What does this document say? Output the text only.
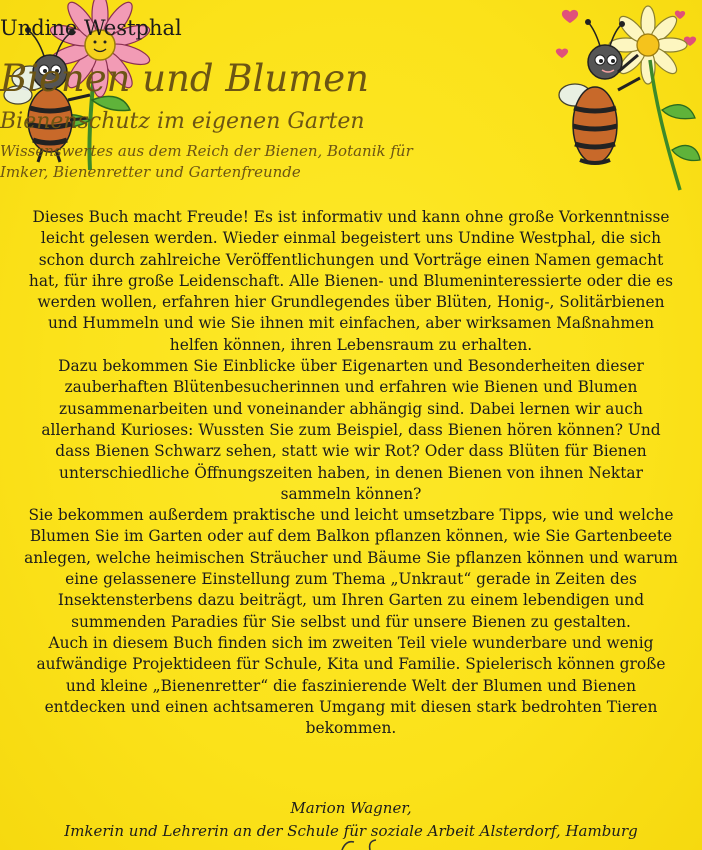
Undine Westphal
Bienen und Blumen
Bienenschutz im eigenen Garten
Wissenswertes aus dem Reich der Bienen, Botanik für
Imker, Bienenretter und Gartenfreunde

Dieses Buch macht Freude! Es ist informativ und kann ohne große Vorkenntnisse

leicht gelesen werden. Wieder einmal begeistert uns Undine Westphal, die sich

schon durch zahlreiche Veröffentlichungen und Vorträge einen Namen gemacht

hat, für ihre große Leidenschaft. Alle Bienen- und Blumeninteressierte oder die es

werden wollen, erfahren hier Grundlegendes über Blüten, Honig-, Solitärbienen

und Hummeln und wie Sie ihnen mit einfachen, aber wirksamen Maßnahmen

helfen können, ihren Lebensraum zu erhalten.

Dazu bekommen Sie Einblicke über Eigenarten und Besonderheiten dieser

zauberhaften Blütenbesucherinnen und erfahren wie Bienen und Blumen

zusammenarbeiten und voneinander abhängig sind. Dabei lernen wir auch

allerhand Kurioses: Wussten Sie zum Beispiel, dass Bienen hören können? Und

dass Bienen Schwarz sehen, statt wie wir Rot? Oder dass Blüten für Bienen

unterschiedliche Öffnungszeiten haben, in denen Bienen von ihnen Nektar

sammeln können?

Sie bekommen außerdem praktische und leicht umsetzbare Tipps, wie und welche

Blumen Sie im Garten oder auf dem Balkon pflanzen können, wie Sie Gartenbeete

anlegen, welche heimischen Sträucher und Bäume Sie pflanzen können und warum

eine gelassenere Einstellung zum Thema „Unkraut“ gerade in Zeiten des

Insektensterbens dazu beiträgt, um Ihren Garten zu einem lebendigen und

summenden Paradies für Sie selbst und für unsere Bienen zu gestalten.

Auch in diesem Buch finden sich im zweiten Teil viele wunderbare und wenig

aufwändige Projektideen für Schule, Kita und Familie. Spielerisch können große

und kleine „Bienenretter“ die faszinierende Welt der Blumen und Bienen

entdecken und einen achtsameren Umgang mit diesen stark bedrohten Tieren

bekommen.

Marion Wagner,
Imkerin und Lehrerin an der Schule für soziale Arbeit Alsterdorf, Hamburg
